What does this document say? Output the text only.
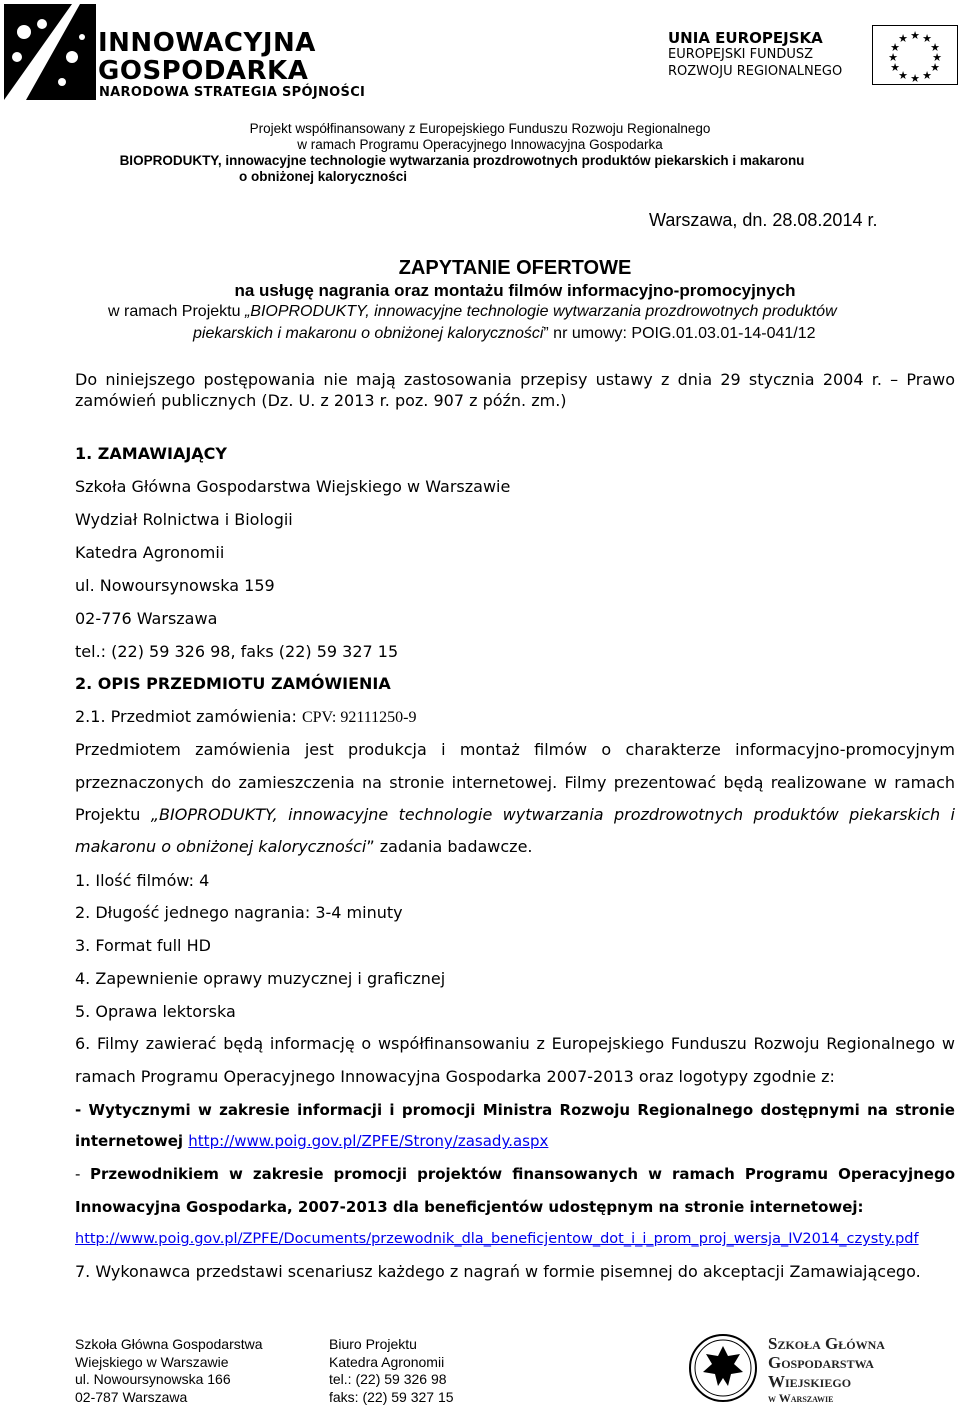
INNOWACYJNA
GOSPODARKA
NARODOWA STRATEGIA SPÓJNOŚCI
UNIA EUROPEJSKA
EUROPEJSKI FUNDUSZ
ROZWOJU REGIONALNEGO
★ ★
★
★
★
★
★
★
★
★
★
★
Projekt współfinansowany z Europejskiego Funduszu Rozwoju Regionalnego
w ramach Programu Operacyjnego Innowacyjna Gospodarka
BIOPRODUKTY, innowacyjne technologie wytwarzania prozdrowotnych produktów piekarskich i makaronu
o obniżonej kaloryczności
Warszawa, dn. 28.08.2014 r.
ZAPYTANIE OFERTOWE
na usługę nagrania oraz montażu filmów informacyjno-promocyjnych
w ramach Projektu „BIOPRODUKTY, innowacyjne technologie wytwarzania prozdrowotnych produktów
piekarskich i makaronu o obniżonej kaloryczności” nr umowy: POIG.01.03.01-14-041/12
Do niniejszego postępowania nie mają zastosowania przepisy ustawy z dnia 29 stycznia 2004 r. – Prawo
zamówień publicznych (Dz. U. z 2013 r. poz. 907 z późn. zm.)
1. ZAMAWIAJĄCY
Szkoła Główna Gospodarstwa Wiejskiego w Warszawie
Wydział Rolnictwa i Biologii
Katedra Agronomii
ul. Nowoursynowska 159
02-776 Warszawa
tel.: (22) 59 326 98, faks (22) 59 327 15
2. OPIS PRZEDMIOTU ZAMÓWIENIA
2.1. Przedmiot zamówienia: CPV: 92111250-9
Przedmiotem zamówienia jest produkcja i montaż filmów o charakterze informacyjno-promocyjnym
przeznaczonych do zamieszczenia na stronie internetowej. Filmy prezentować będą realizowane w ramach
Projektu „BIOPRODUKTY, innowacyjne technologie wytwarzania prozdrowotnych produktów piekarskich i
makaronu o obniżonej kaloryczności” zadania badawcze.
1. Ilość filmów: 4
2. Długość jednego nagrania: 3-4 minuty
3. Format full HD
4. Zapewnienie oprawy muzycznej i graficznej
5. Oprawa lektorska
6. Filmy zawierać będą informację o współfinansowaniu z Europejskiego Funduszu Rozwoju Regionalnego w
ramach Programu Operacyjnego Innowacyjna Gospodarka 2007-2013 oraz logotypy zgodnie z:
- Wytycznymi w zakresie informacji i promocji Ministra Rozwoju Regionalnego dostępnymi na stronie
internetowej http://www.poig.gov.pl/ZPFE/Strony/zasady.aspx
- Przewodnikiem w zakresie promocji projektów finansowanych w ramach Programu Operacyjnego
Innowacyjna Gospodarka, 2007-2013 dla beneficjentów udostępnym na stronie internetowej:
http://www.poig.gov.pl/ZPFE/Documents/przewodnik_dla_beneficjentow_dot_i_i_prom_proj_wersja_IV2014_czysty.pdf
7. Wykonawca przedstawi scenariusz każdego z nagrań w formie pisemnej do akceptacji Zamawiającego.
Szkoła Główna Gospodarstwa
Wiejskiego w Warszawie
ul. Nowoursynowska 166
02-787 Warszawa
Biuro Projektu
Katedra Agronomii
tel.: (22) 59 326 98
faks: (22) 59 327 15
Szkoła Głównа
Gospodarstwa
Wiejskiego
w Warszawie
